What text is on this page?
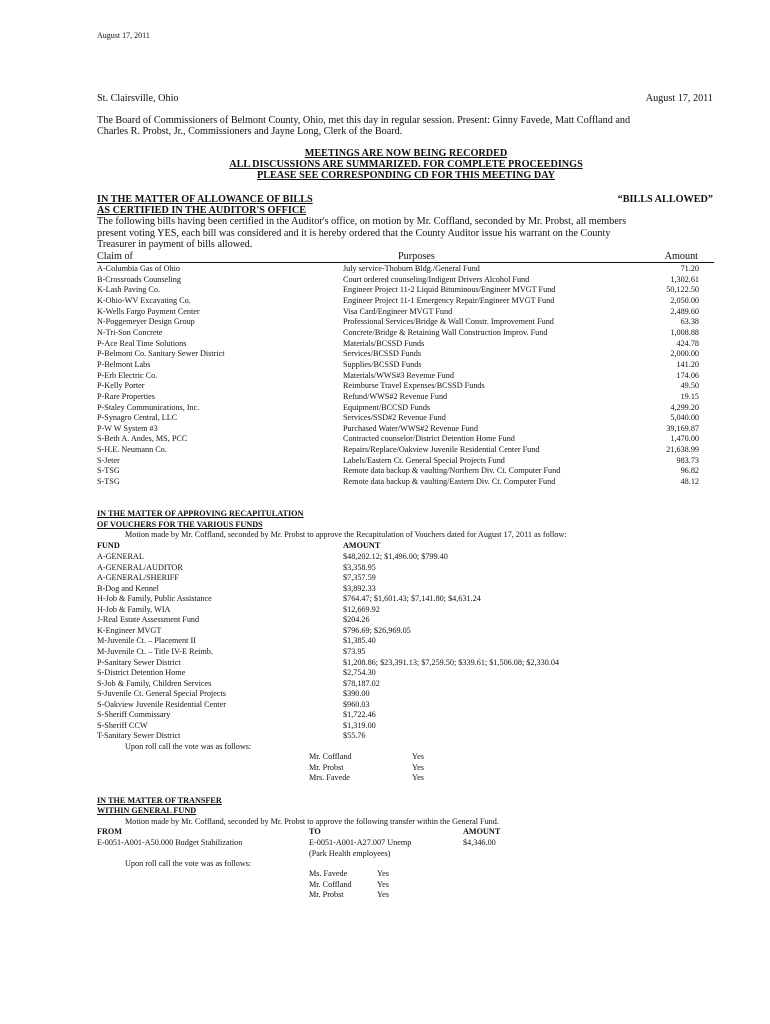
August 17, 2011
St. Clairsville, Ohio	August 17, 2011
The Board of Commissioners of Belmont County, Ohio, met this day in regular session. Present: Ginny Favede, Matt Coffland and
Charles R. Probst, Jr., Commissioners and Jayne Long, Clerk of the Board.
MEETINGS ARE NOW BEING RECORDED
ALL DISCUSSIONS ARE SUMMARIZED. FOR COMPLETE PROCEEDINGS
PLEASE SEE CORRESPONDING CD FOR THIS MEETING DAY
IN THE MATTER OF ALLOWANCE OF BILLS	“BILLS ALLOWED”
AS CERTIFIED IN THE AUDITOR'S OFFICE
The following bills having been certified in the Auditor's office, on motion by Mr. Coffland, seconded by Mr. Probst, all members
present voting YES, each bill was considered and it is hereby ordered that the County Auditor issue his warrant on the County
Treasurer in payment of bills allowed.
Claim of	Purposes	Amount
A-Columbia Gas of Ohio	July service-Thoburn Bldg./General Fund	71.20
B-Crossroads Counseling	Court ordered counseling/Indigent Drivers Alcohol Fund	1,302.61
K-Lash Paving Co.	Engineer Project 11-2 Liquid Bituminous/Engineer MVGT Fund	50,122.50
K-Ohio-WV Excavating Co.	Engineer Project 11-1 Emergency Repair/Engineer MVGT Fund	2,050.00
K-Wells Fargo Payment Center	Visa Card/Engineer MVGT Fund	2,489.60
N-Poggemeyer Design Group	Professional Services/Bridge & Wall Constr. Improvement Fund	63.38
N-Tri-Son Concrete	Concrete/Bridge & Retaining Wall Construction Improv. Fund	1,008.88
P-Ace Real Time Solutions	Materials/BCSSD Funds	424.78
P-Belmont Co. Sanitary Sewer District	Services/BCSSD Funds	2,000.00
P-Belmont Labs	Supplies/BCSSD Funds	141.20
P-Erb Electric Co.	Materials/WWS#3 Revenue Fund	174.06
P-Kelly Porter	Reimburse Travel Expenses/BCSSD Funds	49.50
P-Rare Properties	Refund/WWS#2 Revenue Fund	19.15
P-Staley Communications, Inc.	Equipment/BCCSD Funds	4,299.20
P-Synagro Central, LLC	Services/SSD#2 Revenue Fund	5,040.00
P-W W System #3	Purchased Water/WWS#2 Revenue Fund	39,169.87
S-Beth A. Andes, MS, PCC	Contracted counselor/District Detention Home Fund	1,470.00
S-H.E. Neumann Co.	Repairs/Replace/Oakview Juvenile Residential Center Fund	21,638.99
S-Jeter	Labels/Eastern Ct. General Special Projects Fund	983.73
S-TSG	Remote data backup & vaulting/Northern Div. Ct. Computer Fund	96.82
S-TSG	Remote data backup & vaulting/Eastern Div. Ct. Computer Fund	48.12
IN THE MATTER OF APPROVING RECAPITULATION
OF VOUCHERS FOR THE VARIOUS FUNDS
Motion made by Mr. Coffland, seconded by Mr. Probst to approve the Recapitulation of Vouchers dated for August 17, 2011 as follow:
FUND	AMOUNT
A-GENERAL	$48,202.12; $1,496.00; $799.40
A-GENERAL/AUDITOR	$3,358.95
A-GENERAL/SHERIFF	$7,357.59
B-Dog and Kennel	$3,892.33
H-Job & Family, Public Assistance	$764.47; $1,601.43; $7,141.80; $4,631.24
H-Job & Family, WIA	$12,669.92
J-Real Estate Assessment Fund	$204.26
K-Engineer MVGT	$796.69; $26,969.05
M-Juvenile Ct. – Placement II	$1,385.40
M-Juvenile Ct. – Title IV-E Reimb.	$73.95
P-Sanitary Sewer District	$1,208.86; $23,391.13; $7,259.50; $339.61; $1,506.08; $2,330.04
S-District Detention Home	$2,754.30
S-Job & Family, Children Services	$78,187.02
S-Juvenile Ct. General Special Projects	$390.00
S-Oakview Juvenile Residential Center	$960.03
S-Sheriff Commissary	$1,722.46
S-Sheriff CCW	$1,319.00
T-Sanitary Sewer District	$55.76
Upon roll call the vote was as follows:
Mr. Coffland	Yes
Mr. Probst	Yes
Mrs. Favede	Yes
IN THE MATTER OF TRANSFER
WITHIN GENERAL FUND
Motion made by Mr. Coffland, seconded by Mr. Probst to approve the following transfer within the General Fund.
FROM	TO	AMOUNT
E-0051-A001-A50.000 Budget Stabilization	E-0051-A001-A27.007 Unemp	$4,346.00
(Park Health employees)
Upon roll call the vote was as follows:
Ms. Favede	Yes
Mr. Coffland	Yes
Mr. Probst	Yes
